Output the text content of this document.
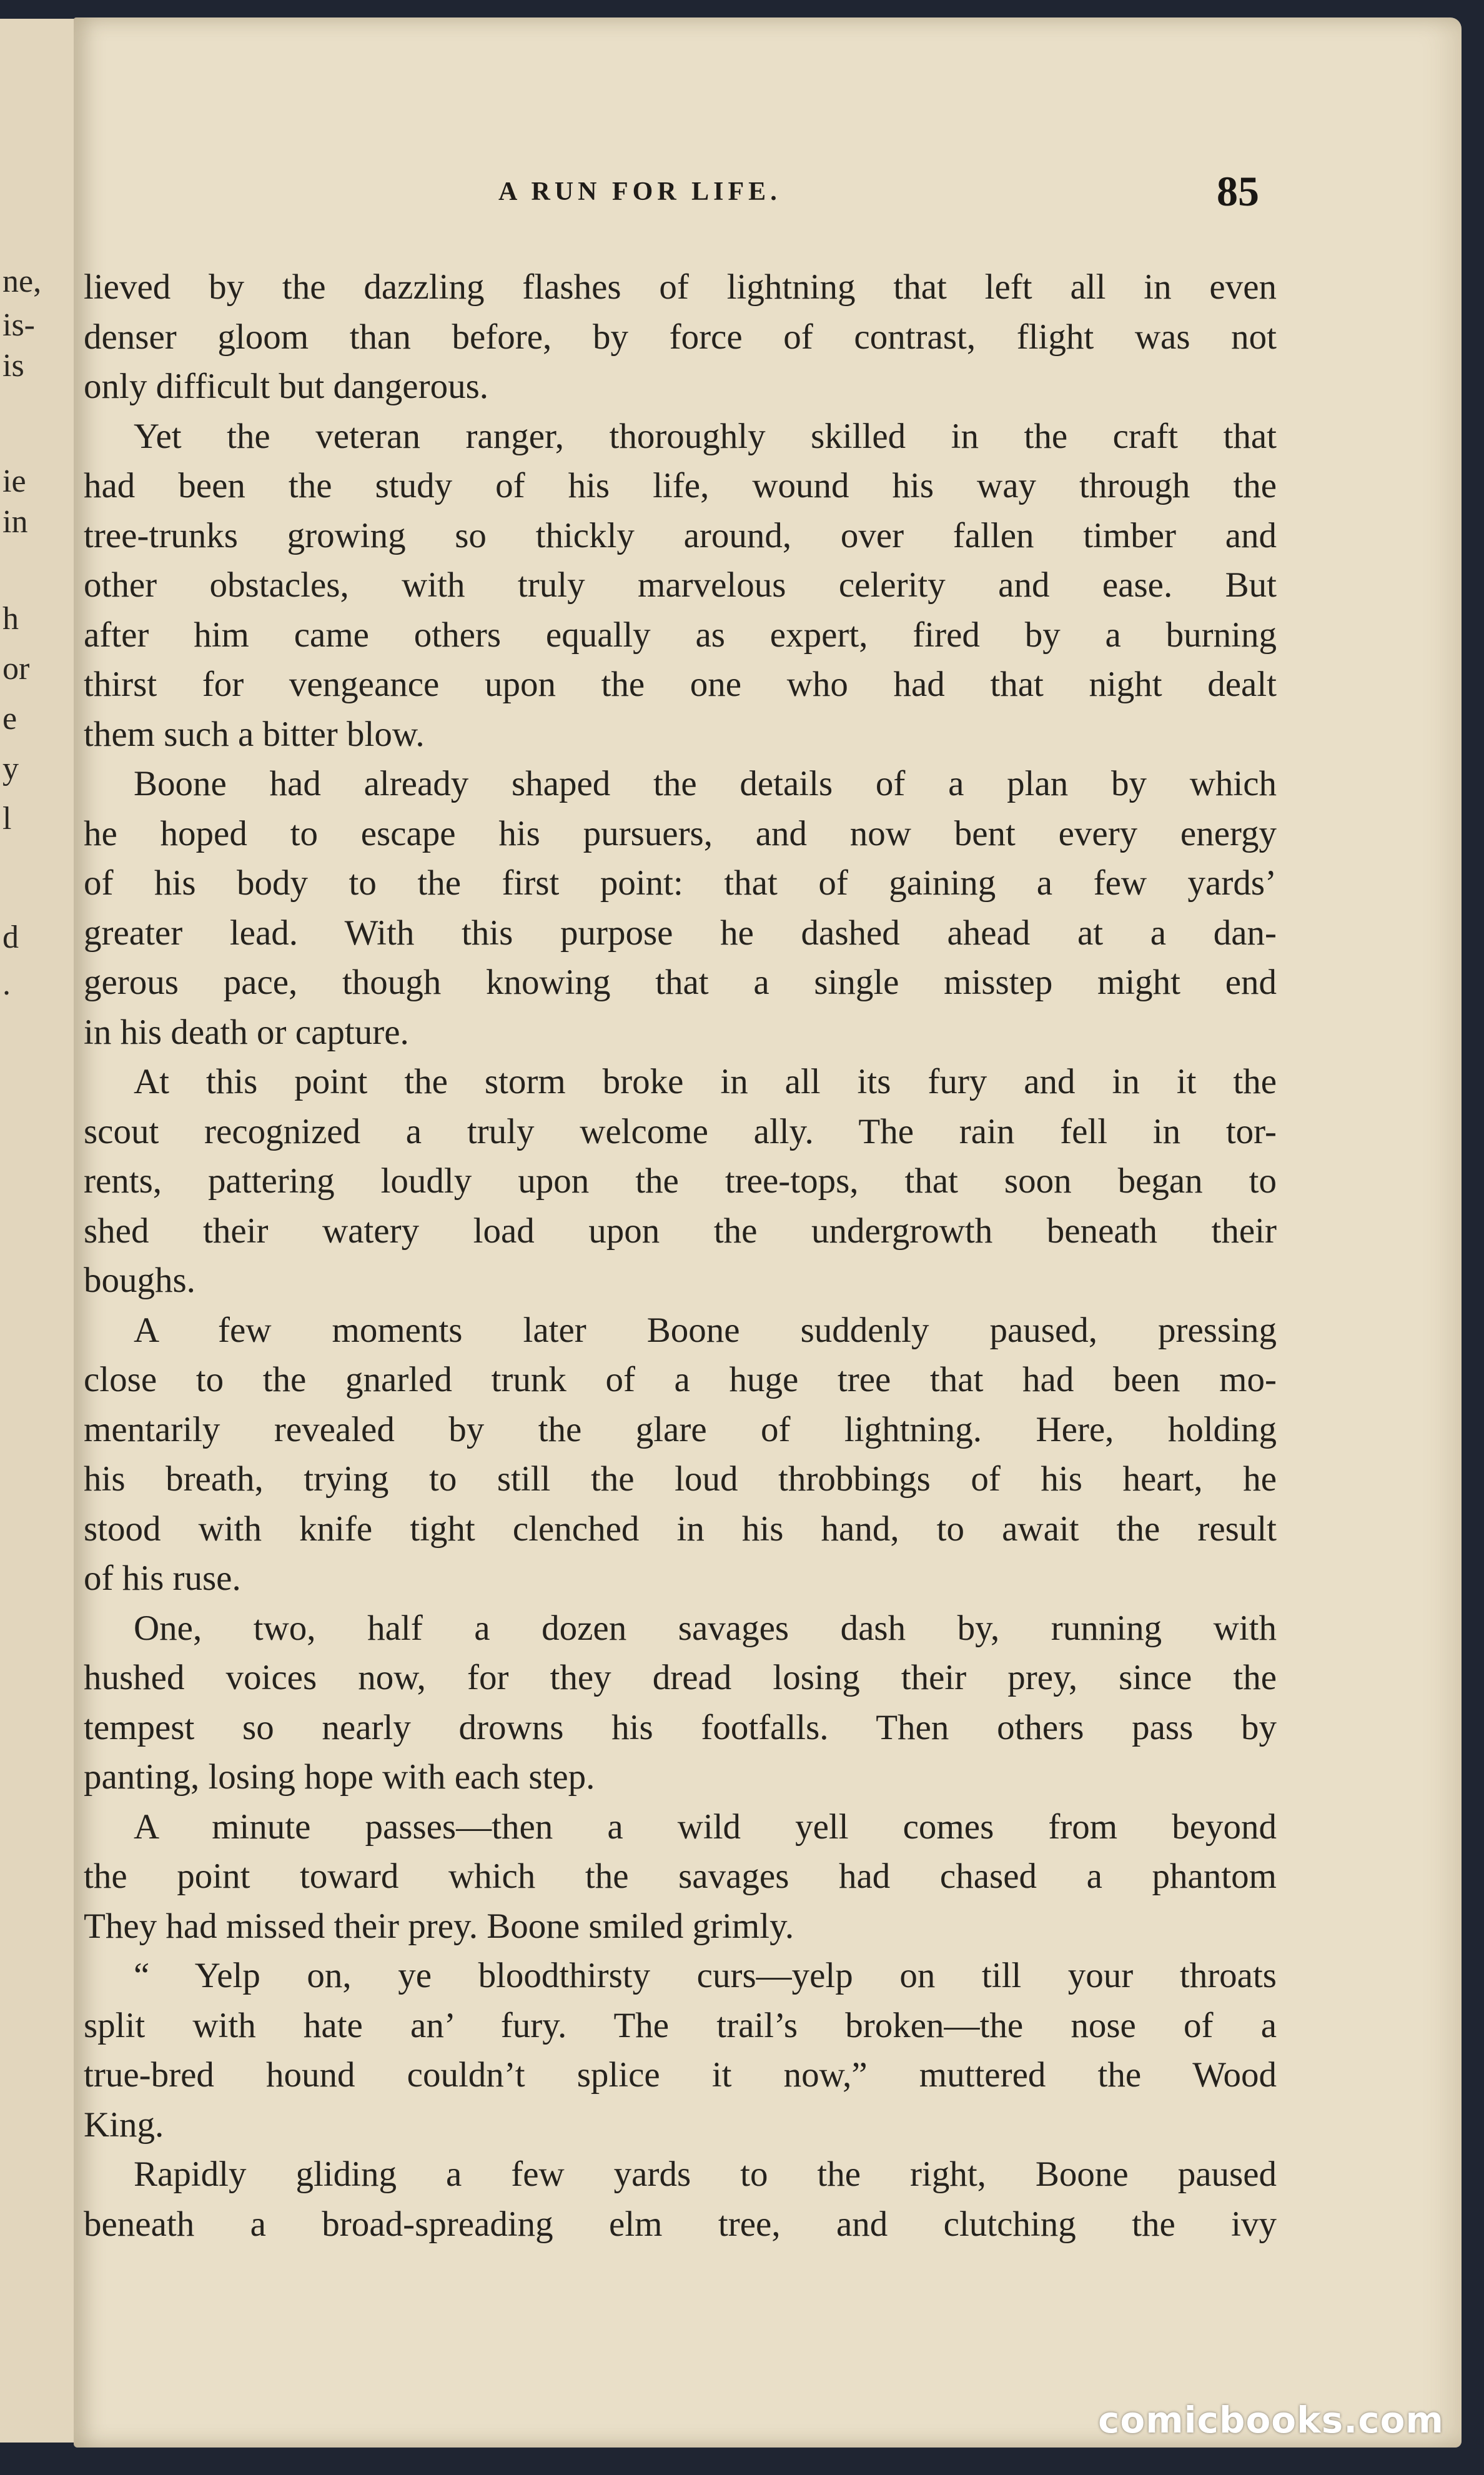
ne,
is-
is
ie
in
h
or
e
y
l
d
.
A RUN FOR LIFE.	85
lieved by the dazzling flashes of lightning that left all in even
denser gloom than before, by force of contrast, flight was not
only difficult but dangerous.
Yet the veteran ranger, thoroughly skilled in the craft that
had been the study of his life, wound his way through the
tree-trunks growing so thickly around, over fallen timber and
other obstacles, with truly marvelous celerity and ease. But
after him came others equally as expert, fired by a burning
thirst for vengeance upon the one who had that night dealt
them such a bitter blow.
Boone had already shaped the details of a plan by which
he hoped to escape his pursuers, and now bent every energy
of his body to the first point: that of gaining a few yards’
greater lead. With this purpose he dashed ahead at a dan-
gerous pace, though knowing that a single misstep might end
in his death or capture.
At this point the storm broke in all its fury and in it the
scout recognized a truly welcome ally. The rain fell in tor-
rents, pattering loudly upon the tree-tops, that soon began to
shed their watery load upon the undergrowth beneath their
boughs.
A few moments later Boone suddenly paused, pressing
close to the gnarled trunk of a huge tree that had been mo-
mentarily revealed by the glare of lightning. Here, holding
his breath, trying to still the loud throbbings of his heart, he
stood with knife tight clenched in his hand, to await the result
of his ruse.
One, two, half a dozen savages dash by, running with
hushed voices now, for they dread losing their prey, since the
tempest so nearly drowns his footfalls. Then others pass by
panting, losing hope with each step.
A minute passes—then a wild yell comes from beyond
the point toward which the savages had chased a phantom
They had missed their prey. Boone smiled grimly.
“ Yelp on, ye bloodthirsty curs—yelp on till your throats
split with hate an’ fury. The trail’s broken—the nose of a
true-bred hound couldn’t splice it now,” muttered the Wood
King.
Rapidly gliding a few yards to the right, Boone paused
beneath a broad-spreading elm tree, and clutching the ivy
comicbooks.com
